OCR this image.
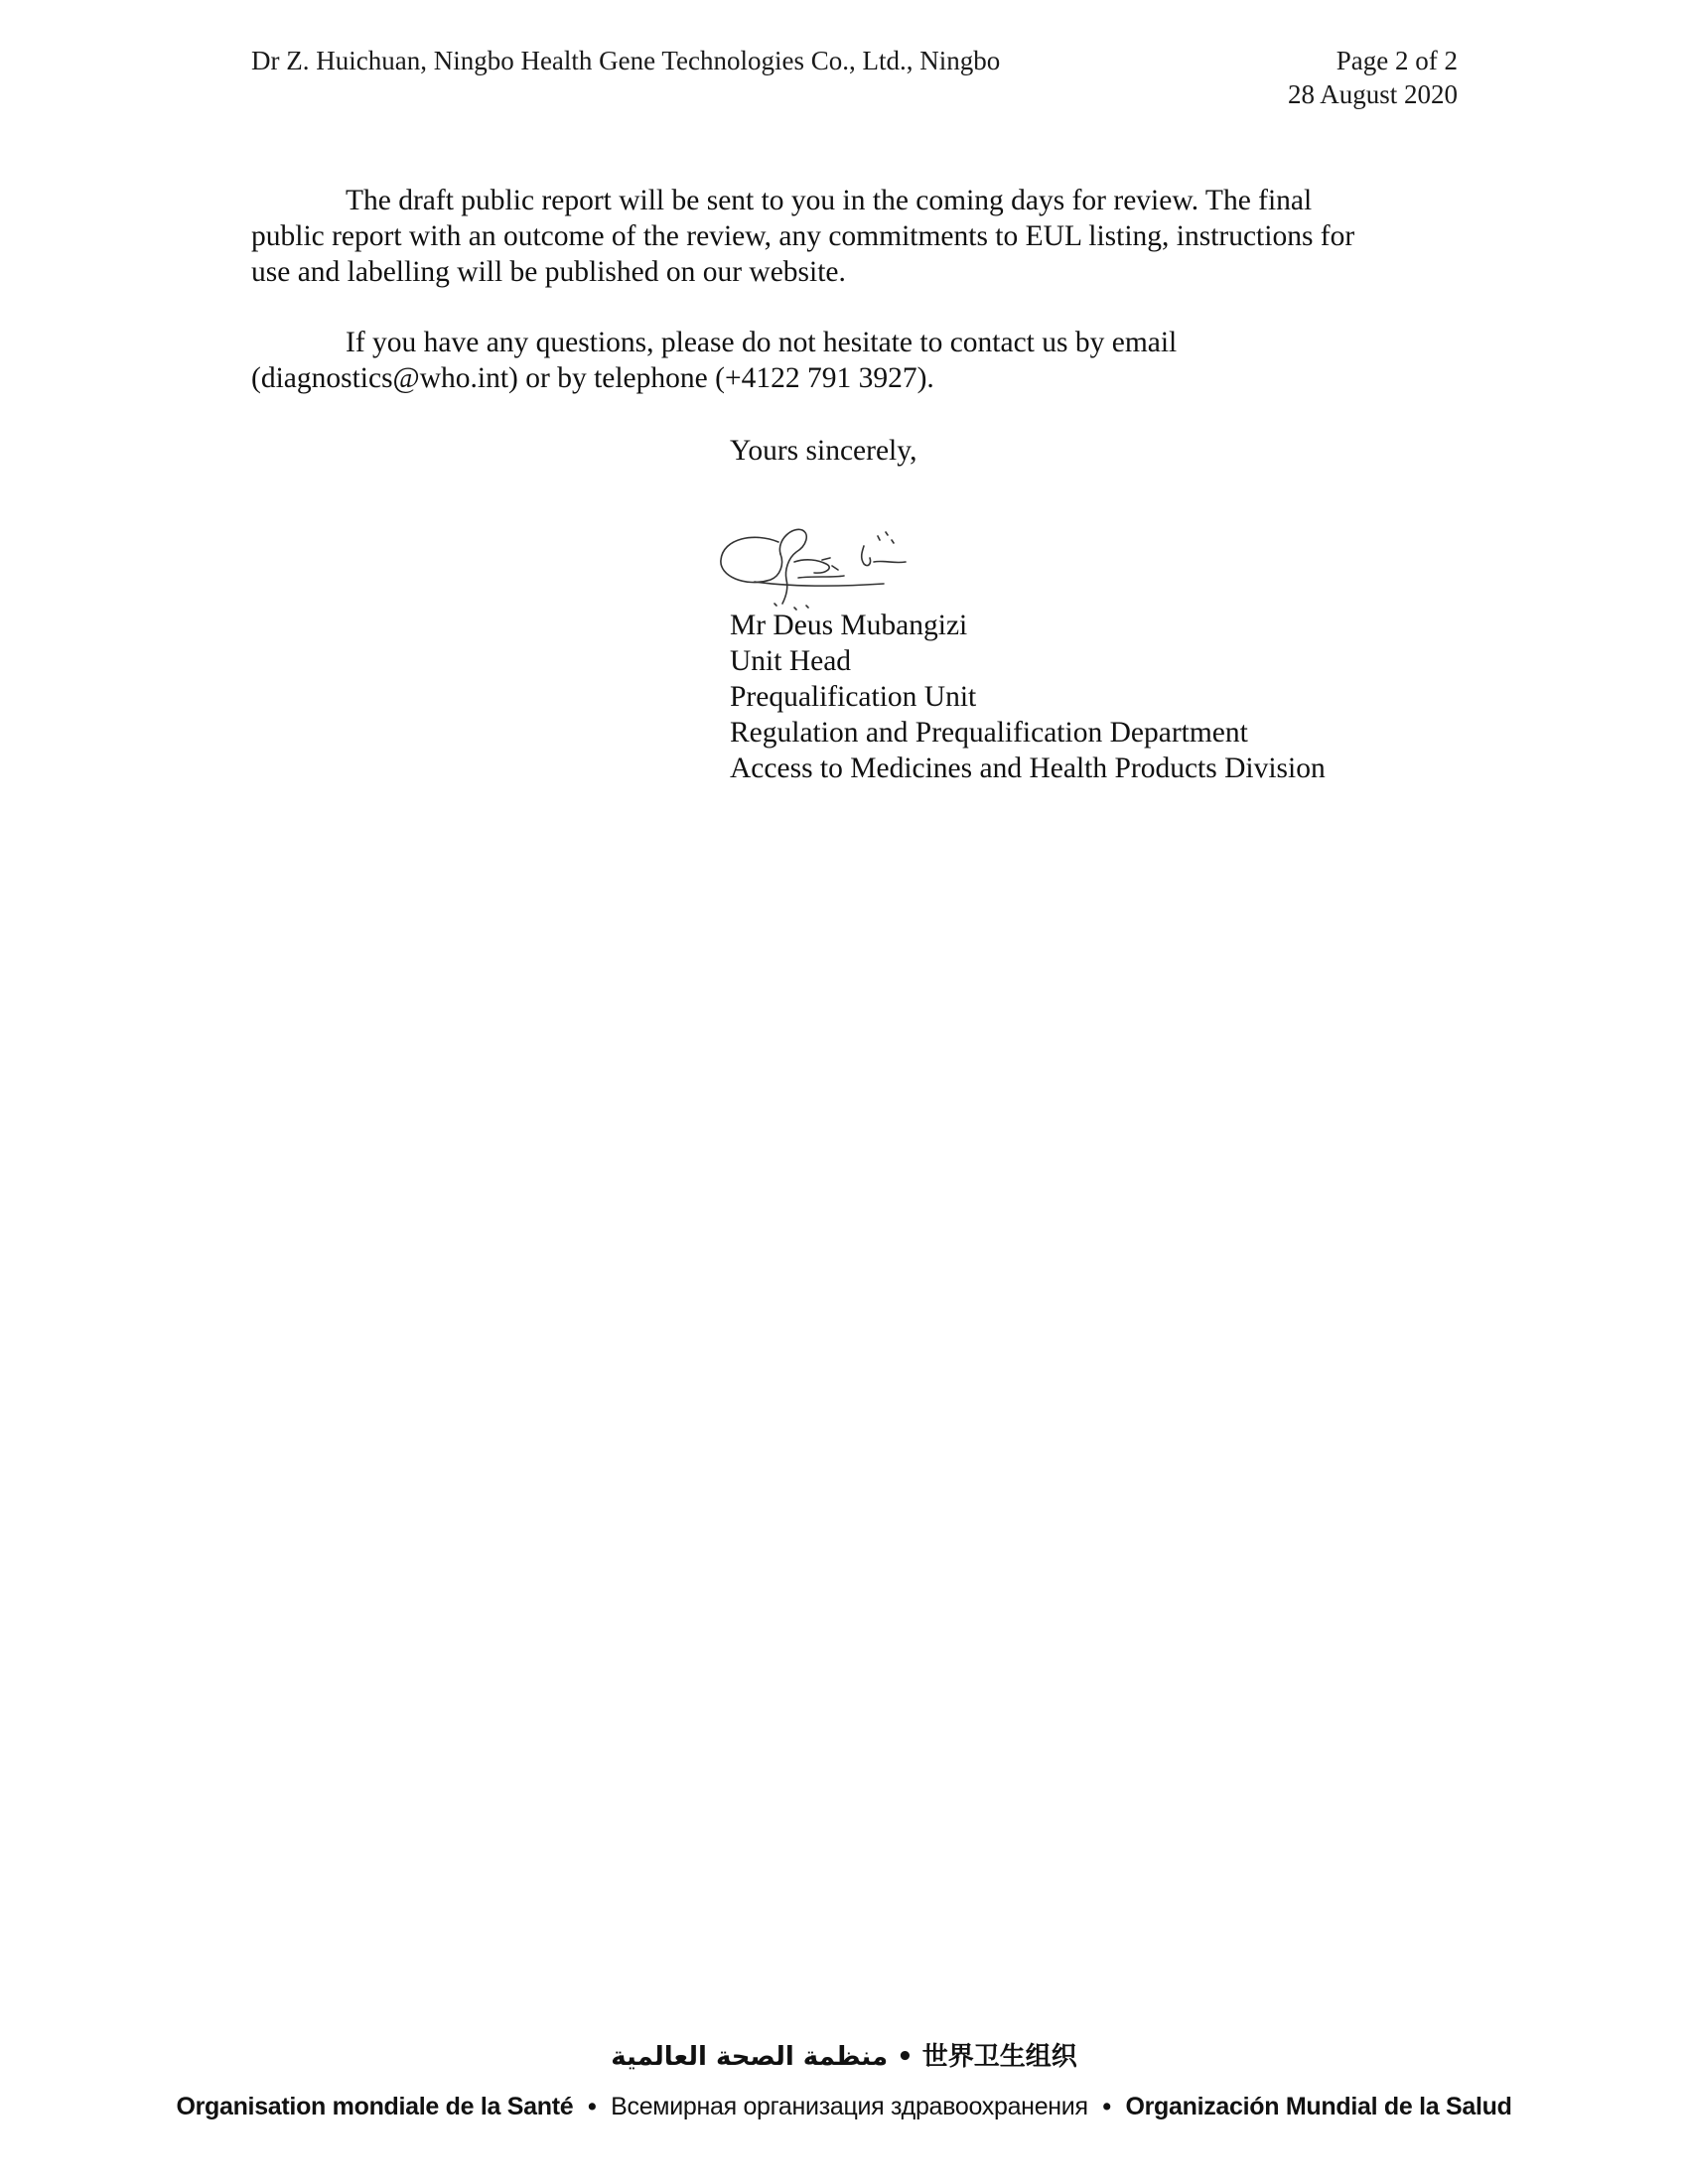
Dr Z. Huichuan, Ningbo Health Gene Technologies Co., Ltd., Ningbo	Page 2 of 2
28 August 2020
The draft public report will be sent to you in the coming days for review. The final
public report with an outcome of the review, any commitments to EUL listing, instructions for
use and labelling will be published on our website.
If you have any questions, please do not hesitate to contact us by email
(diagnostics@who.int) or by telephone (+4122 791 3927).
Yours sincerely,
Mr Deus Mubangizi
Unit Head
Prequalification Unit
Regulation and Prequalification Department
Access to Medicines and Health Products Division
منظمة الصحة العالمية • 世界卫生组织
Organisation mondiale de la Santé • Всемирная организация здравоохранения • Organización Mundial de la Salud
